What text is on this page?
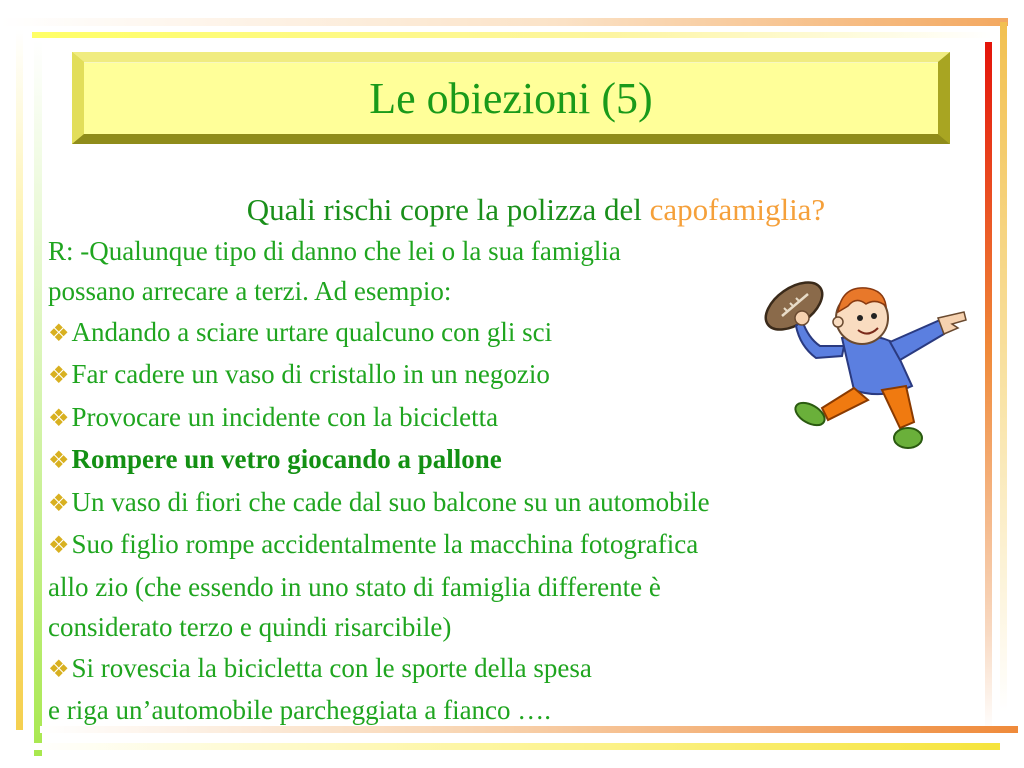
Le obiezioni (5)
Quali rischi copre la polizza del capofamiglia?
R: -Qualunque tipo di danno che lei o la sua famiglia
possano arrecare a terzi. Ad esempio:
❖Andando a sciare urtare qualcuno con gli sci
❖Far cadere un vaso di cristallo in un negozio
❖Provocare un incidente con la bicicletta
❖Rompere un vetro giocando a pallone
❖Un vaso di fiori che cade dal suo balcone su un automobile
❖Suo figlio rompe accidentalmente la macchina fotografica
allo zio (che essendo in uno stato di famiglia differente è
considerato terzo e quindi risarcibile)
❖Si rovescia la bicicletta con le sporte della spesa
e riga un’automobile parcheggiata a fianco ….
